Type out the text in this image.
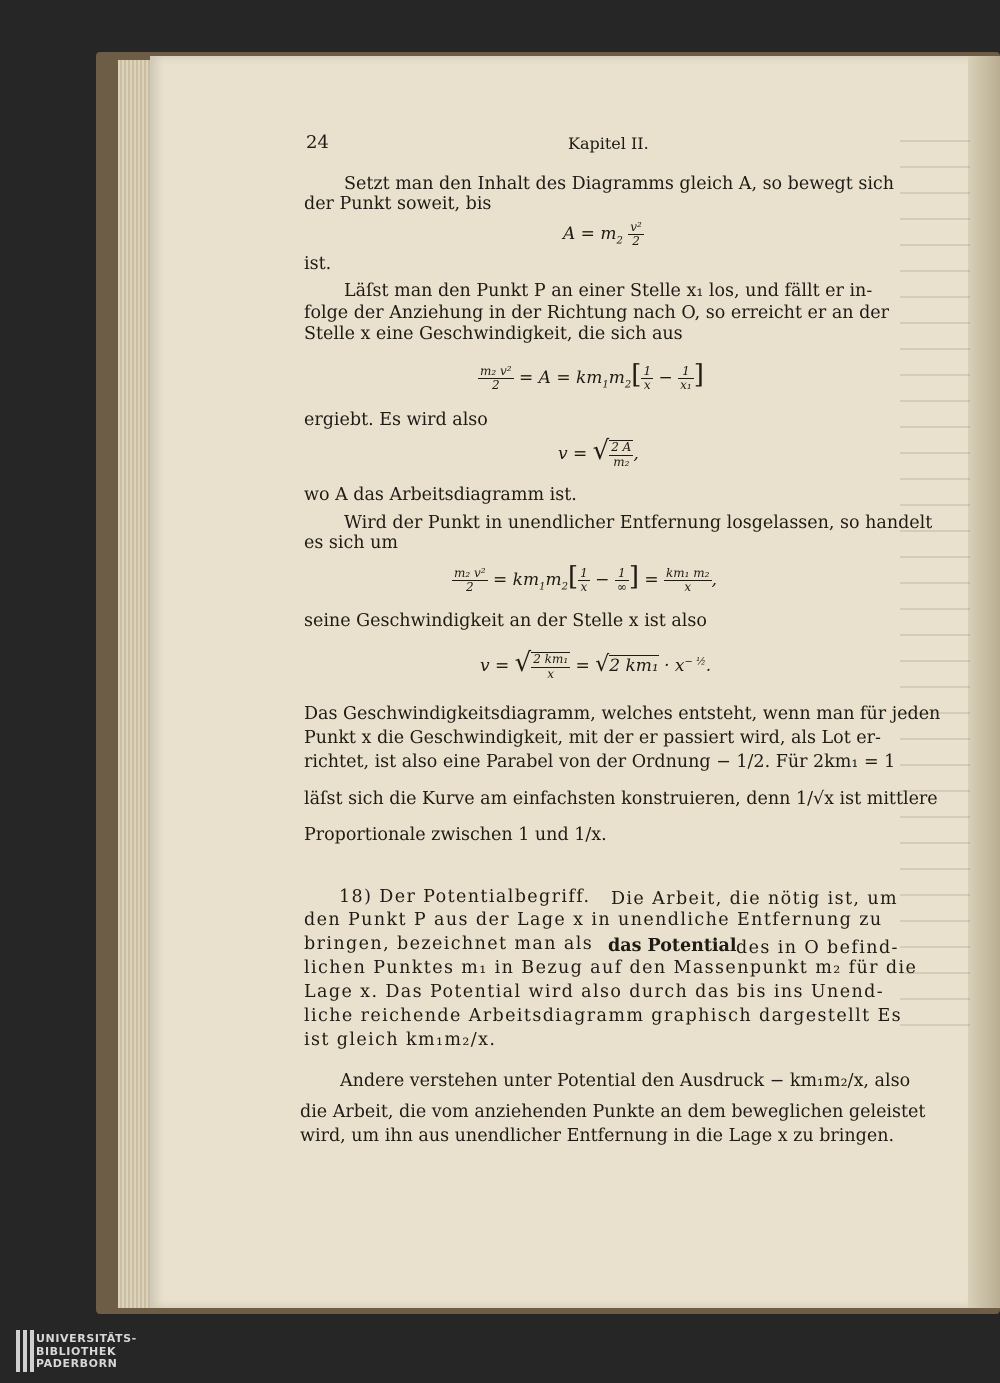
24	Kapitel II.
Setzt man den Inhalt des Diagramms gleich A, so bewegt sich
der Punkt soweit, bis
$A = m_2 \frac{\text{v²}}{2}$
ist.
Läſst man den Punkt P an einer Stelle x₁ los, und fällt er in-
folge der Anziehung in der Richtung nach O, so erreicht er an der
Stelle x eine Geschwindigkeit, die sich aus
$\frac{\text{m₂ v²}}{2} = A = km_1m_2[ \frac{1}{x} - \frac{1}{\text{x₁}}$ ]
ergiebt. Es wird also
v = √ $\frac{2 A}{\text{m₂}}$ ,
wo A das Arbeitsdiagramm ist.
Wird der Punkt in unendlicher Entfernung losgelassen, so handelt
es sich um
$\frac{\text{m₂ v²}}{2} = km_1m_2[ \frac{1}{x} - \frac{1}{\infty}$ ] = $\frac{\text{km₁ m₂}}{x}$ ,
seine Geschwindigkeit an der Stelle x ist also
v = √ $\frac{\text{2 km₁}}{x} = √2$ $km_1 \cdot x^{- \frac{1}{2}}$.
Das Geschwindigkeitsdiagramm, welches entsteht, wenn man für jeden
Punkt x die Geschwindigkeit, mit der er passiert wird, als Lot er-
richtet, ist also eine Parabel von der Ordnung − 1/2. Für 2km₁ = 1
läſst sich die Kurve am einfachsten konstruieren, denn 1/√x ist mittlere
Proportionale zwischen 1 und 1/x.
18) Der Potentialbegriff. Die Arbeit, die nötig ist, um
den Punkt P aus der Lage x in unendliche Entfernung zu
bringen, bezeichnet man als das Potential des in O befind-
lichen Punktes m₁ in Bezug auf den Massenpunkt m₂ für die
Lage x. Das Potential wird also durch das bis ins Unend-
liche reichende Arbeitsdiagramm graphisch dargestellt Es
ist gleich km₁m₂/x.
Andere verstehen unter Potential den Ausdruck − km₁m₂/x, also
die Arbeit, die vom anziehenden Punkte an dem beweglichen geleistet
wird, um ihn aus unendlicher Entfernung in die Lage x zu bringen.
UNIVERSITÄTS-
BIBLIOTHEK
PADERBORN
